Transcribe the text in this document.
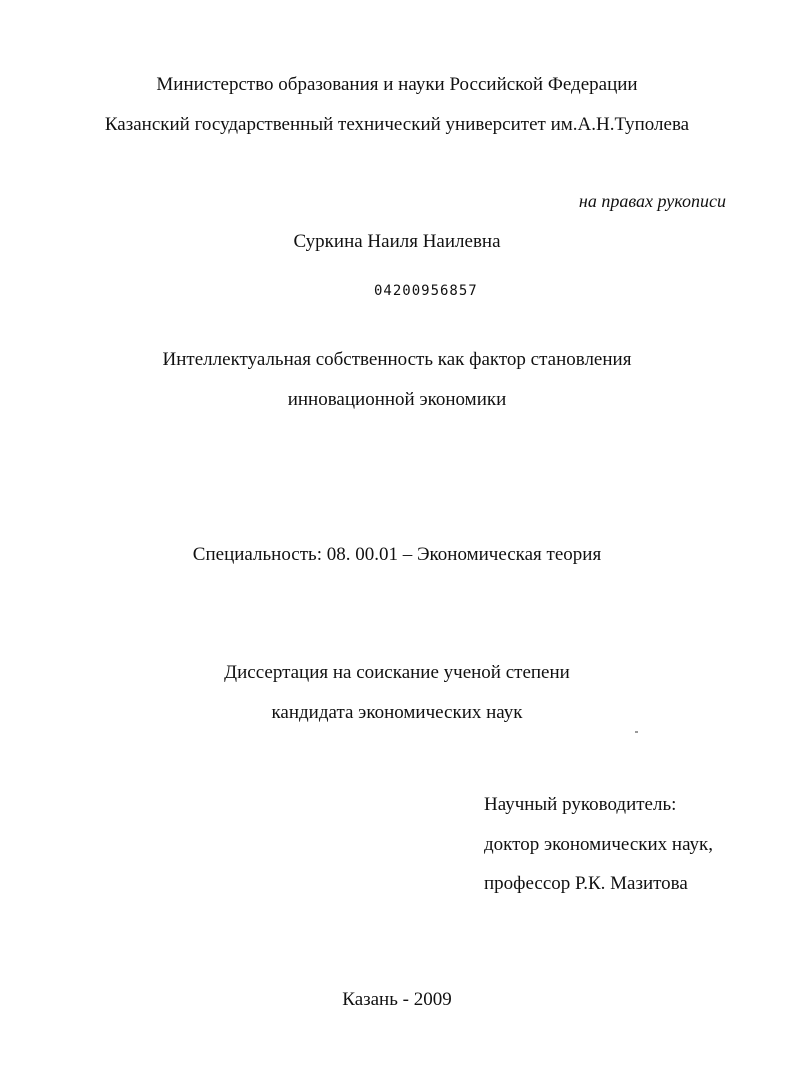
Министерство образования и науки Российской Федерации
Казанский государственный технический университет им.А.Н.Туполева
на правах рукописи
Суркина Наиля Наилевна
04200956857
Интеллектуальная собственность как фактор становления
инновационной экономики
Специальность: 08. 00.01 – Экономическая теория
Диссертация на соискание ученой степени
кандидата экономических наук
Научный руководитель:
доктор экономических наук,
профессор Р.К. Мазитова
Казань - 2009
